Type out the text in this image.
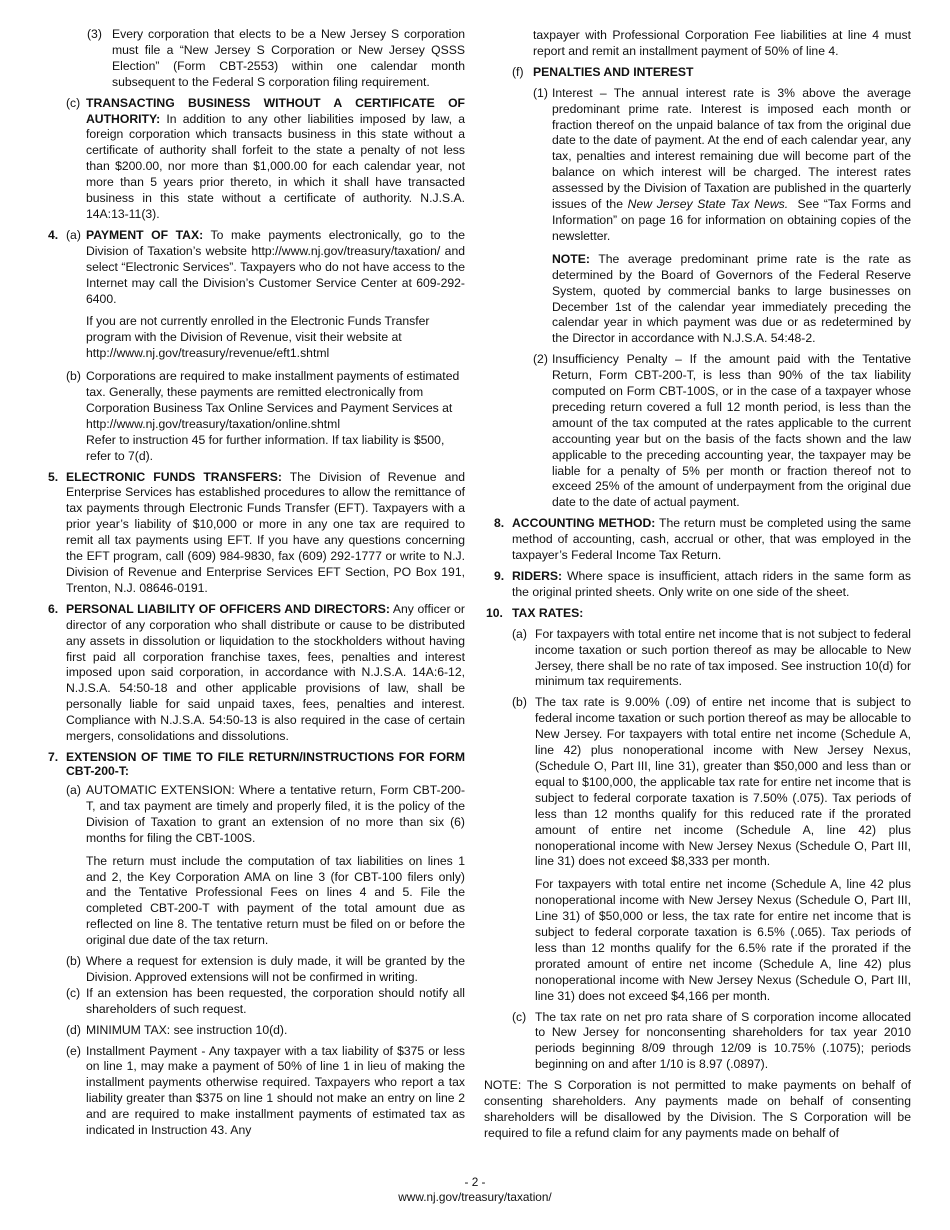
(3) Every corporation that elects to be a New Jersey S corporation must file a “New Jersey S Corporation or New Jersey QSSS Election” (Form CBT-2553) within one calendar month subsequent to the Federal S corporation filing requirement.

(c) TRANSACTING BUSINESS WITHOUT A CERTIFICATE OF AUTHORITY: In addition to any other liabilities imposed by law, a foreign corporation which transacts business in this state without a certificate of authority shall forfeit to the state a penalty of not less than $200.00, nor more than $1,000.00 for each calendar year, not more than 5 years prior thereto, in which it shall have transacted business in this state without a certificate of authority. N.J.S.A. 14A:13-11(3).

4. (a) PAYMENT OF TAX: To make payments electronically, go to the Division of Taxation’s website http://www.nj.gov/treasury/taxation/ and select “Electronic Services”. Taxpayers who do not have access to the Internet may call the Division’s Customer Service Center at 609-292-6400.

If you are not currently enrolled in the Electronic Funds Transfer program with the Division of Revenue, visit their website at http://www.nj.gov/treasury/revenue/eft1.shtml

(b) Corporations are required to make installment payments of estimated tax. Generally, these payments are remitted electronically from Corporation Business Tax Online Services and Payment Services at

http://www.nj.gov/treasury/taxation/online.shtml

Refer to instruction 45 for further information. If tax liability is $500, refer to 7(d).

5. ELECTRONIC FUNDS TRANSFERS: The Division of Revenue and Enterprise Services has established procedures to allow the remittance of tax payments through Electronic Funds Transfer (EFT). Taxpayers with a prior year’s liability of $10,000 or more in any one tax are required to remit all tax payments using EFT. If you have any questions concerning the EFT program, call (609) 984-9830, fax (609) 292-1777 or write to N.J. Division of Revenue and Enterprise Services EFT Section, PO Box 191, Trenton, N.J. 08646-0191.

6. PERSONAL LIABILITY OF OFFICERS AND DIRECTORS: Any officer or director of any corporation who shall distribute or cause to be distributed any assets in dissolution or liquidation to the stockholders without having first paid all corporation franchise taxes, fees, penalties and interest imposed upon said corporation, in accordance with N.J.S.A. 14A:6-12, N.J.S.A. 54:50-18 and other applicable provisions of law, shall be personally liable for said unpaid taxes, fees, penalties and interest. Compliance with N.J.S.A. 54:50-13 is also required in the case of certain mergers, consolidations and dissolutions.

7. EXTENSION OF TIME TO FILE RETURN/INSTRUCTIONS FOR FORM CBT-200-T:

(a) AUTOMATIC EXTENSION: Where a tentative return, Form CBT-200-T, and tax payment are timely and properly filed, it is the policy of the Division of Taxation to grant an extension of no more than six (6) months for filing the CBT-100S.

The return must include the computation of tax liabilities on lines 1 and 2, the Key Corporation AMA on line 3 (for CBT-100 filers only) and the Tentative Professional Fees on lines 4 and 5. File the completed CBT-200-T with payment of the total amount due as reflected on line 8. The tentative return must be filed on or before the original due date of the tax return.

(b) Where a request for extension is duly made, it will be granted by the Division. Approved extensions will not be confirmed in writing.

(c) If an extension has been requested, the corporation should notify all shareholders of such request.

(d) MINIMUM TAX: see instruction 10(d).

(e) Installment Payment - Any taxpayer with a tax liability of $375 or less on line 1, may make a payment of 50% of line 1 in lieu of making the installment payments otherwise required. Taxpayers who report a tax liability greater than $375 on line 1 should not make an entry on line 2 and are required to make installment payments of estimated tax as indicated in Instruction 43. Any

taxpayer with Professional Corporation Fee liabilities at line 4 must report and remit an installment payment of 50% of line 4.

(f) PENALTIES AND INTEREST

(1) Interest – The annual interest rate is 3% above the average predominant prime rate. Interest is imposed each month or fraction thereof on the unpaid balance of tax from the original due date to the date of payment. At the end of each calendar year, any tax, penalties and interest remaining due will become part of the balance on which interest will be charged. The interest rates assessed by the Division of Taxation are published in the quarterly issues of the New Jersey State Tax News. See “Tax Forms and Information” on page 16 for information on obtaining copies of the newsletter.

NOTE: The average predominant prime rate is the rate as determined by the Board of Governors of the Federal Reserve System, quoted by commercial banks to large businesses on December 1st of the calendar year immediately preceding the calendar year in which payment was due or as redetermined by the Director in accordance with N.J.S.A. 54:48-2.

(2) Insufficiency Penalty – If the amount paid with the Tentative Return, Form CBT-200-T, is less than 90% of the tax liability computed on Form CBT-100S, or in the case of a taxpayer whose preceding return covered a full 12 month period, is less than the amount of the tax computed at the rates applicable to the current accounting year but on the basis of the facts shown and the law applicable to the preceding accounting year, the taxpayer may be liable for a penalty of 5% per month or fraction thereof not to exceed 25% of the amount of underpayment from the original due date to the date of actual payment.

8. ACCOUNTING METHOD: The return must be completed using the same method of accounting, cash, accrual or other, that was employed in the taxpayer’s Federal Income Tax Return.

9. RIDERS: Where space is insufficient, attach riders in the same form as the original printed sheets. Only write on one side of the sheet.

10. TAX RATES:

(a) For taxpayers with total entire net income that is not subject to federal income taxation or such portion thereof as may be allocable to New Jersey, there shall be no rate of tax imposed. See instruction 10(d) for minimum tax requirements.

(b) The tax rate is 9.00% (.09) of entire net income that is subject to federal income taxation or such portion thereof as may be allocable to New Jersey. For taxpayers with total entire net income (Schedule A, line 42) plus nonoperational income with New Jersey Nexus, (Schedule O, Part III, line 31), greater than $50,000 and less than or equal to $100,000, the applicable tax rate for entire net income that is subject to federal corporate taxation is 7.50% (.075). Tax periods of less than 12 months qualify for this reduced rate if the prorated amount of entire net income (Schedule A, line 42) plus nonoperational income with New Jersey Nexus (Schedule O, Part III, line 31) does not exceed $8,333 per month.

For taxpayers with total entire net income (Schedule A, line 42 plus nonoperational income with New Jersey Nexus (Schedule O, Part III, Line 31) of $50,000 or less, the tax rate for entire net income that is subject to federal corporate taxation is 6.5% (.065). Tax periods of less than 12 months qualify for the 6.5% rate if the prorated if the prorated amount of entire net income (Schedule A, line 42) plus nonoperational income with New Jersey Nexus (Schedule O, Part III, line 31) does not exceed $4,166 per month.

(c) The tax rate on net pro rata share of S corporation income allocated to New Jersey for nonconsenting shareholders for tax year 2010 periods beginning 8/09 through 12/09 is 10.75% (.1075); periods beginning on and after 1/10 is 8.97 (.0897).

NOTE: The S Corporation is not permitted to make payments on behalf of consenting shareholders. Any payments made on behalf of consenting shareholders will be disallowed by the Division. The S Corporation will be required to file a refund claim for any payments made on behalf of

- 2 -
www.nj.gov/treasury/taxation/
